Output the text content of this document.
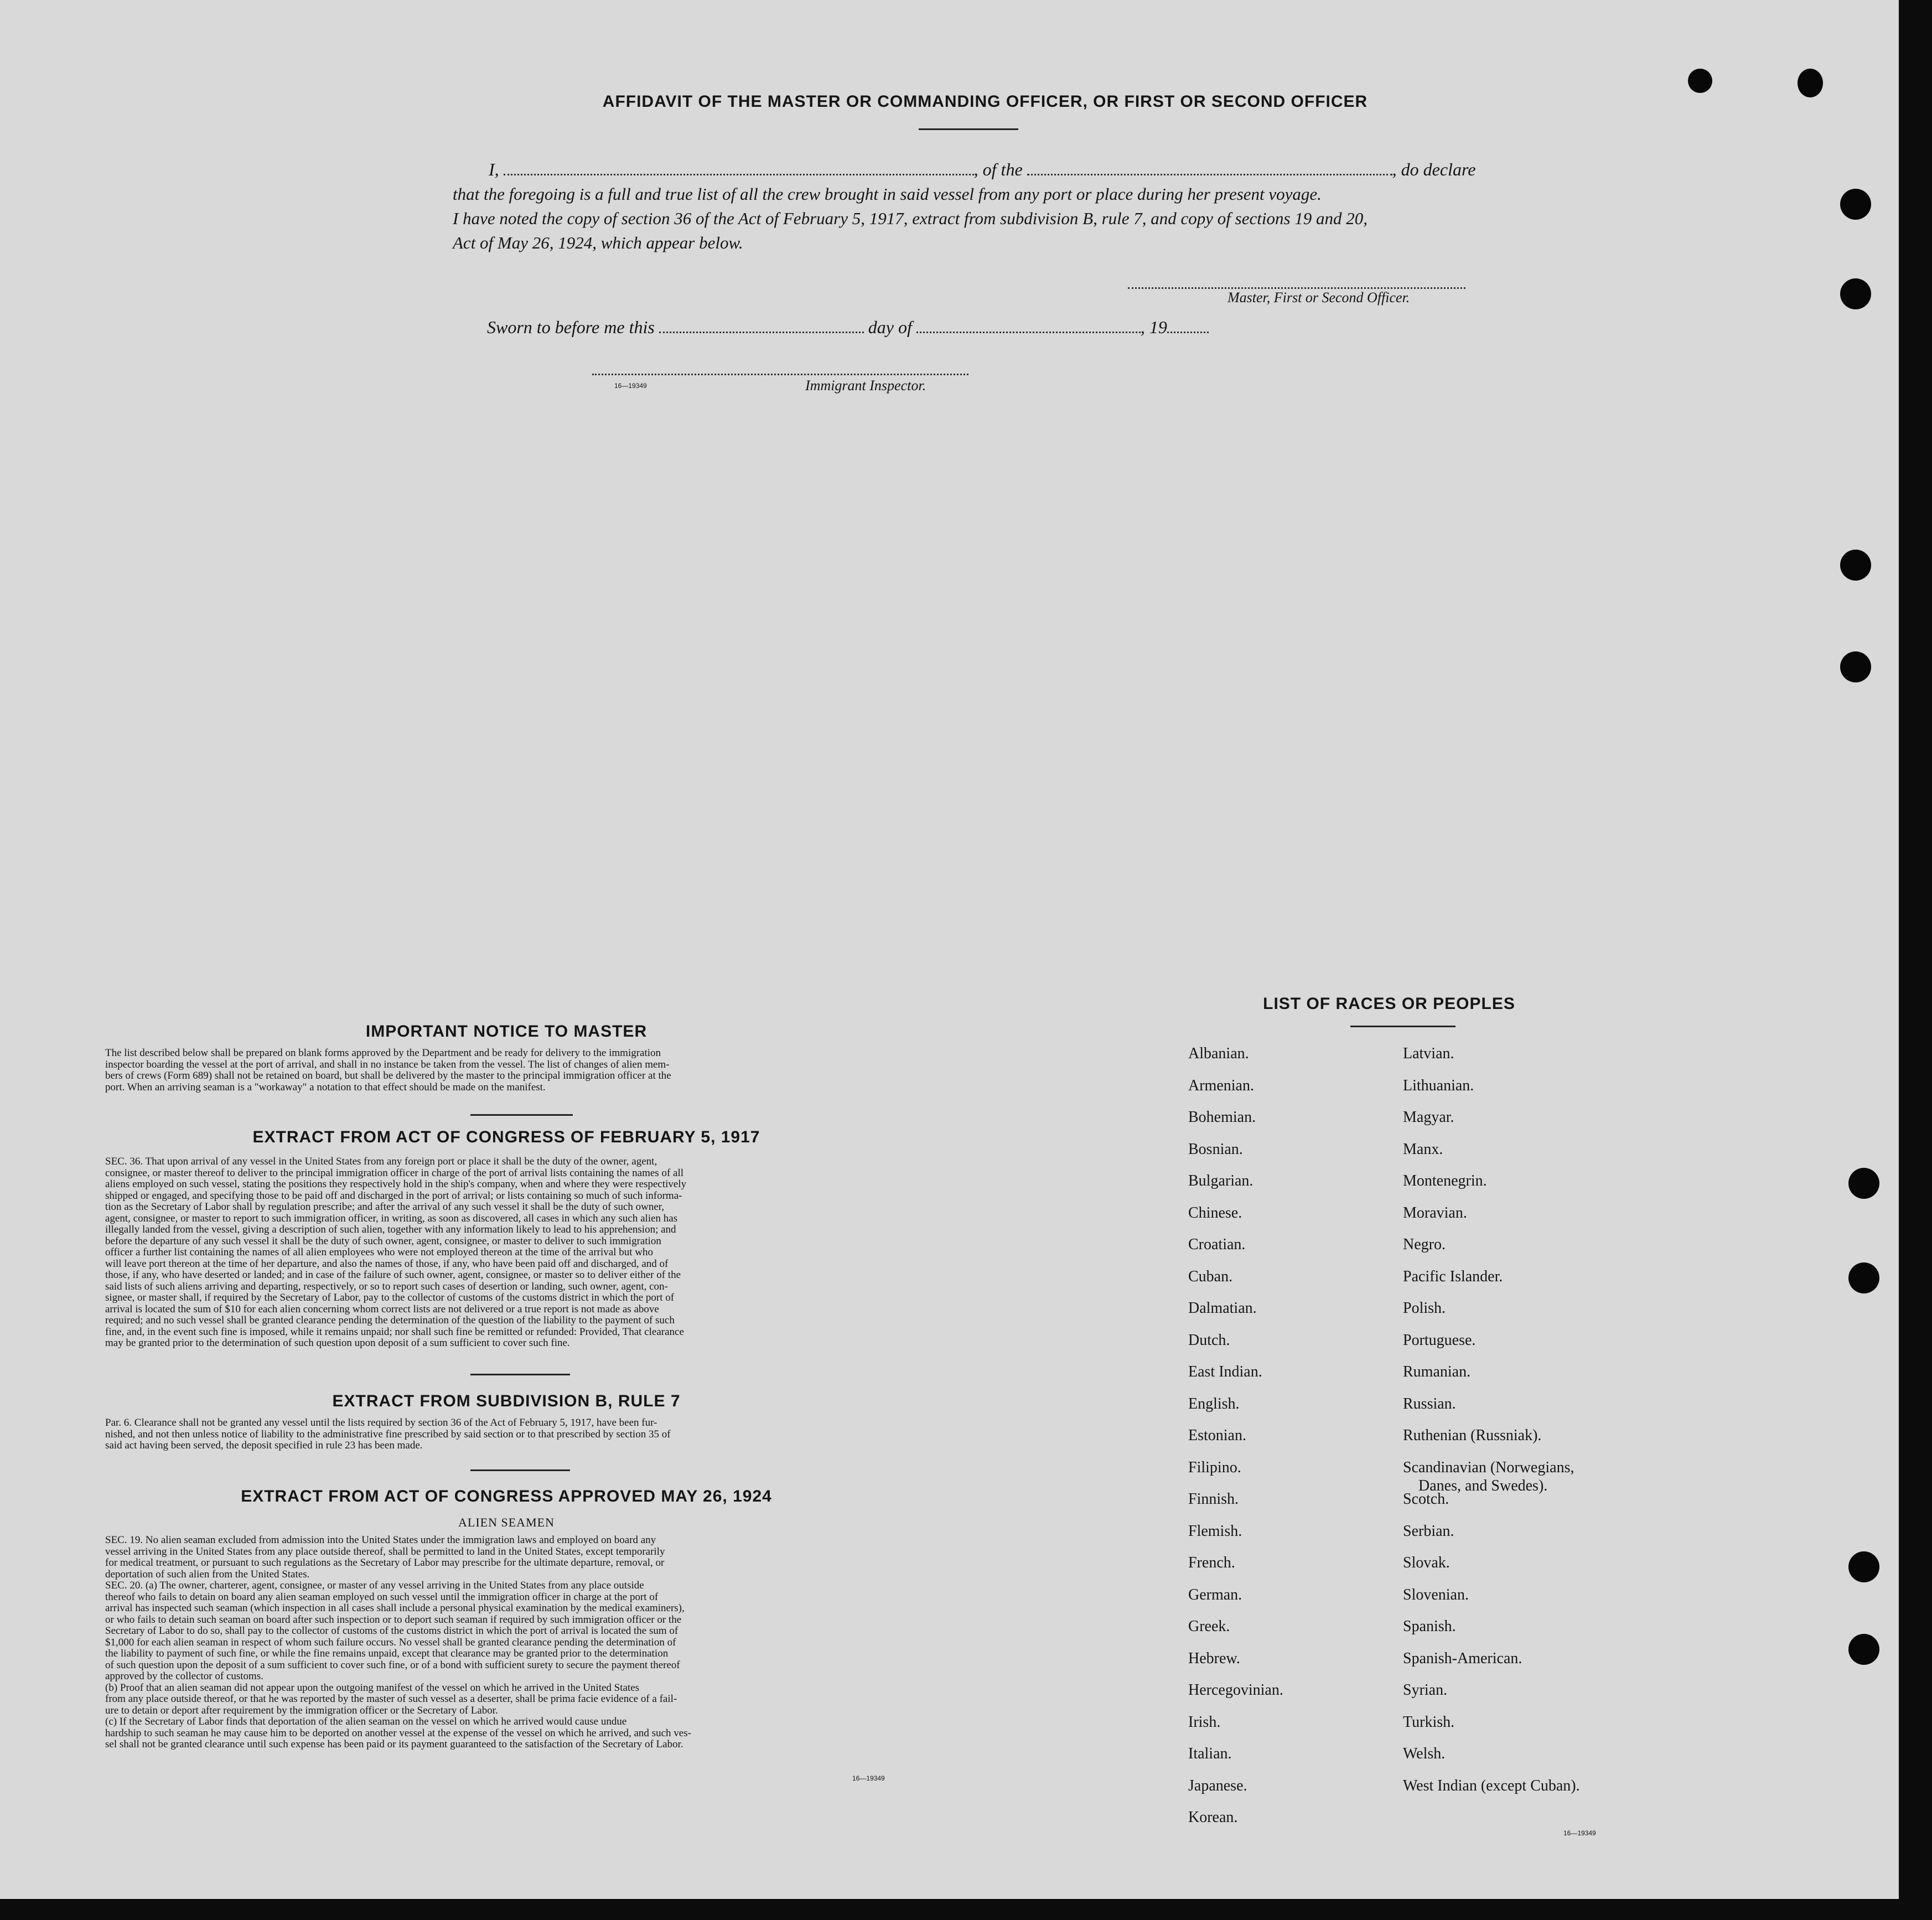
AFFIDAVIT OF THE MASTER OR COMMANDING OFFICER, OR FIRST OR SECOND OFFICER
I,	, of the	, do declare
that the foregoing is a full and true list of all the crew brought in said vessel from any port or place during her present voyage.
I have noted the copy of section 36 of the Act of February 5, 1917, extract from subdivision B, rule 7, and copy of sections 19 and 20,
Act of May 26, 1924, which appear below.
Master, First or Second Officer.
Sworn to before me this	day of	, 19
16—19349	Immigrant Inspector.
IMPORTANT NOTICE TO MASTER
The list described below shall be prepared on blank forms approved by the Department and be ready for delivery to the immigration
inspector boarding the vessel at the port of arrival, and shall in no instance be taken from the vessel. The list of changes of alien mem-
bers of crews (Form 689) shall not be retained on board, but shall be delivered by the master to the principal immigration officer at the
port. When an arriving seaman is a "workaway" a notation to that effect should be made on the manifest.
EXTRACT FROM ACT OF CONGRESS OF FEBRUARY 5, 1917
SEC. 36. That upon arrival of any vessel in the United States from any foreign port or place it shall be the duty of the owner, agent,
consignee, or master thereof to deliver to the principal immigration officer in charge of the port of arrival lists containing the names of all
aliens employed on such vessel, stating the positions they respectively hold in the ship's company, when and where they were respectively
shipped or engaged, and specifying those to be paid off and discharged in the port of arrival; or lists containing so much of such informa-
tion as the Secretary of Labor shall by regulation prescribe; and after the arrival of any such vessel it shall be the duty of such owner,
agent, consignee, or master to report to such immigration officer, in writing, as soon as discovered, all cases in which any such alien has
illegally landed from the vessel, giving a description of such alien, together with any information likely to lead to his apprehension; and
before the departure of any such vessel it shall be the duty of such owner, agent, consignee, or master to deliver to such immigration
officer a further list containing the names of all alien employees who were not employed thereon at the time of the arrival but who
will leave port thereon at the time of her departure, and also the names of those, if any, who have been paid off and discharged, and of
those, if any, who have deserted or landed; and in case of the failure of such owner, agent, consignee, or master so to deliver either of the
said lists of such aliens arriving and departing, respectively, or so to report such cases of desertion or landing, such owner, agent, con-
signee, or master shall, if required by the Secretary of Labor, pay to the collector of customs of the customs district in which the port of
arrival is located the sum of $10 for each alien concerning whom correct lists are not delivered or a true report is not made as above
required; and no such vessel shall be granted clearance pending the determination of the question of the liability to the payment of such
fine, and, in the event such fine is imposed, while it remains unpaid; nor shall such fine be remitted or refunded: Provided, That clearance
may be granted prior to the determination of such question upon deposit of a sum sufficient to cover such fine.
EXTRACT FROM SUBDIVISION B, RULE 7
Par. 6. Clearance shall not be granted any vessel until the lists required by section 36 of the Act of February 5, 1917, have been fur-
nished, and not then unless notice of liability to the administrative fine prescribed by said section or to that prescribed by section 35 of
said act having been served, the deposit specified in rule 23 has been made.
EXTRACT FROM ACT OF CONGRESS APPROVED MAY 26, 1924
ALIEN SEAMEN
SEC. 19. No alien seaman excluded from admission into the United States under the immigration laws and employed on board any
vessel arriving in the United States from any place outside thereof, shall be permitted to land in the United States, except temporarily
for medical treatment, or pursuant to such regulations as the Secretary of Labor may prescribe for the ultimate departure, removal, or
deportation of such alien from the United States.
SEC. 20. (a) The owner, charterer, agent, consignee, or master of any vessel arriving in the United States from any place outside
thereof who fails to detain on board any alien seaman employed on such vessel until the immigration officer in charge at the port of
arrival has inspected such seaman (which inspection in all cases shall include a personal physical examination by the medical examiners),
or who fails to detain such seaman on board after such inspection or to deport such seaman if required by such immigration officer or the
Secretary of Labor to do so, shall pay to the collector of customs of the customs district in which the port of arrival is located the sum of
$1,000 for each alien seaman in respect of whom such failure occurs. No vessel shall be granted clearance pending the determination of
the liability to payment of such fine, or while the fine remains unpaid, except that clearance may be granted prior to the determination
of such question upon the deposit of a sum sufficient to cover such fine, or of a bond with sufficient surety to secure the payment thereof
approved by the collector of customs.
(b) Proof that an alien seaman did not appear upon the outgoing manifest of the vessel on which he arrived in the United States
from any place outside thereof, or that he was reported by the master of such vessel as a deserter, shall be prima facie evidence of a fail-
ure to detain or deport after requirement by the immigration officer or the Secretary of Labor.
(c) If the Secretary of Labor finds that deportation of the alien seaman on the vessel on which he arrived would cause undue
hardship to such seaman he may cause him to be deported on another vessel at the expense of the vessel on which he arrived, and such ves-
sel shall not be granted clearance until such expense has been paid or its payment guaranteed to the satisfaction of the Secretary of Labor.
16—19349
LIST OF RACES OR PEOPLES
Albanian.
Armenian.
Bohemian.
Bosnian.
Bulgarian.
Chinese.
Croatian.
Cuban.
Dalmatian.
Dutch.
East Indian.
English.
Estonian.
Filipino.
Finnish.
Flemish.
French.
German.
Greek.
Hebrew.
Hercegovinian.
Irish.
Italian.
Japanese.
Korean.
Latvian.
Lithuanian.
Magyar.
Manx.
Montenegrin.
Moravian.
Negro.
Pacific Islander.
Polish.
Portuguese.
Rumanian.
Russian.
Ruthenian (Russniak).
Scandinavian (Norwegians,
Danes, and Swedes).
Scotch.
Serbian.
Slovak.
Slovenian.
Spanish.
Spanish-American.
Syrian.
Turkish.
Welsh.
West Indian (except Cuban).
16—19349
